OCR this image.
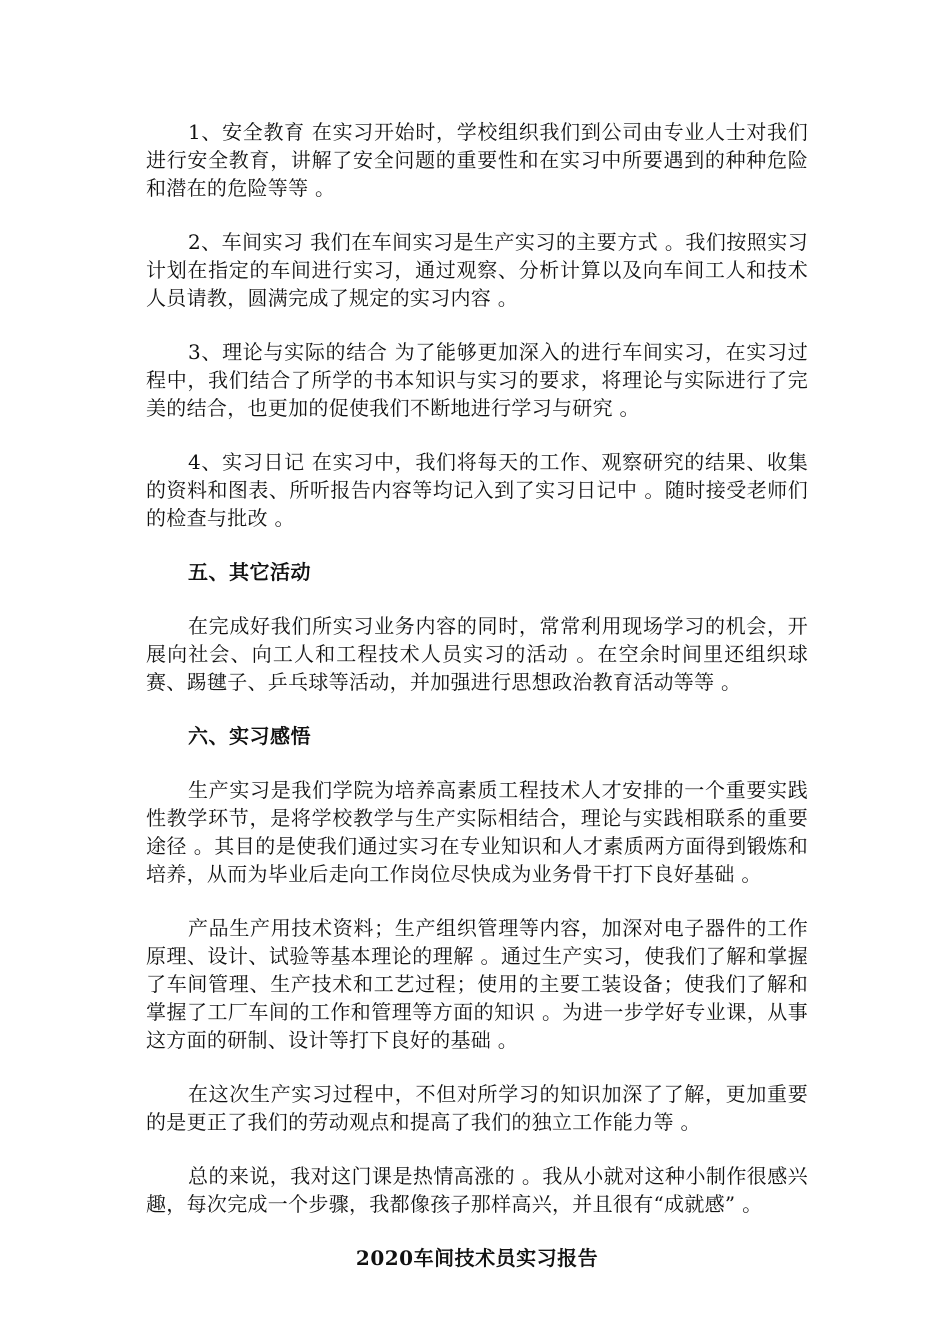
1、安全教育 在实习开始时，学校组织我们到公司由专业人士对我们进行安全教育，讲解了安全问题的重要性和在实习中所要遇到的种种危险和潜在的危险等等 。

2、车间实习 我们在车间实习是生产实习的主要方式 。我们按照实习计划在指定的车间进行实习，通过观察、分析计算以及向车间工人和技术人员请教，圆满完成了规定的实习内容 。

3、理论与实际的结合 为了能够更加深入的进行车间实习，在实习过程中，我们结合了所学的书本知识与实习的要求，将理论与实际进行了完美的结合，也更加的促使我们不断地进行学习与研究 。

4、实习日记 在实习中，我们将每天的工作、观察研究的结果、收集的资料和图表、所听报告内容等均记入到了实习日记中 。随时接受老师们的检查与批改 。

五、其它活动

在完成好我们所实习业务内容的同时，常常利用现场学习的机会，开展向社会、向工人和工程技术人员实习的活动 。在空余时间里还组织球赛、踢毽子、乒乓球等活动，并加强进行思想政治教育活动等等 。

六、实习感悟

生产实习是我们学院为培养高素质工程技术人才安排的一个重要实践性教学环节，是将学校教学与生产实际相结合，理论与实践相联系的重要途径 。其目的是使我们通过实习在专业知识和人才素质两方面得到锻炼和培养，从而为毕业后走向工作岗位尽快成为业务骨干打下良好基础 。

产品生产用技术资料；生产组织管理等内容，加深对电子器件的工作原理、设计、试验等基本理论的理解 。通过生产实习，使我们了解和掌握了车间管理、生产技术和工艺过程；使用的主要工装设备；使我们了解和掌握了工厂车间的工作和管理等方面的知识 。为进一步学好专业课，从事这方面的研制、设计等打下良好的基础 。

在这次生产实习过程中，不但对所学习的知识加深了了解，更加重要的是更正了我们的劳动观点和提高了我们的独立工作能力等 。

总的来说，我对这门课是热情高涨的 。我从小就对这种小制作很感兴趣，每次完成一个步骤，我都像孩子那样高兴，并且很有“成就感” 。

2020车间技术员实习报告
